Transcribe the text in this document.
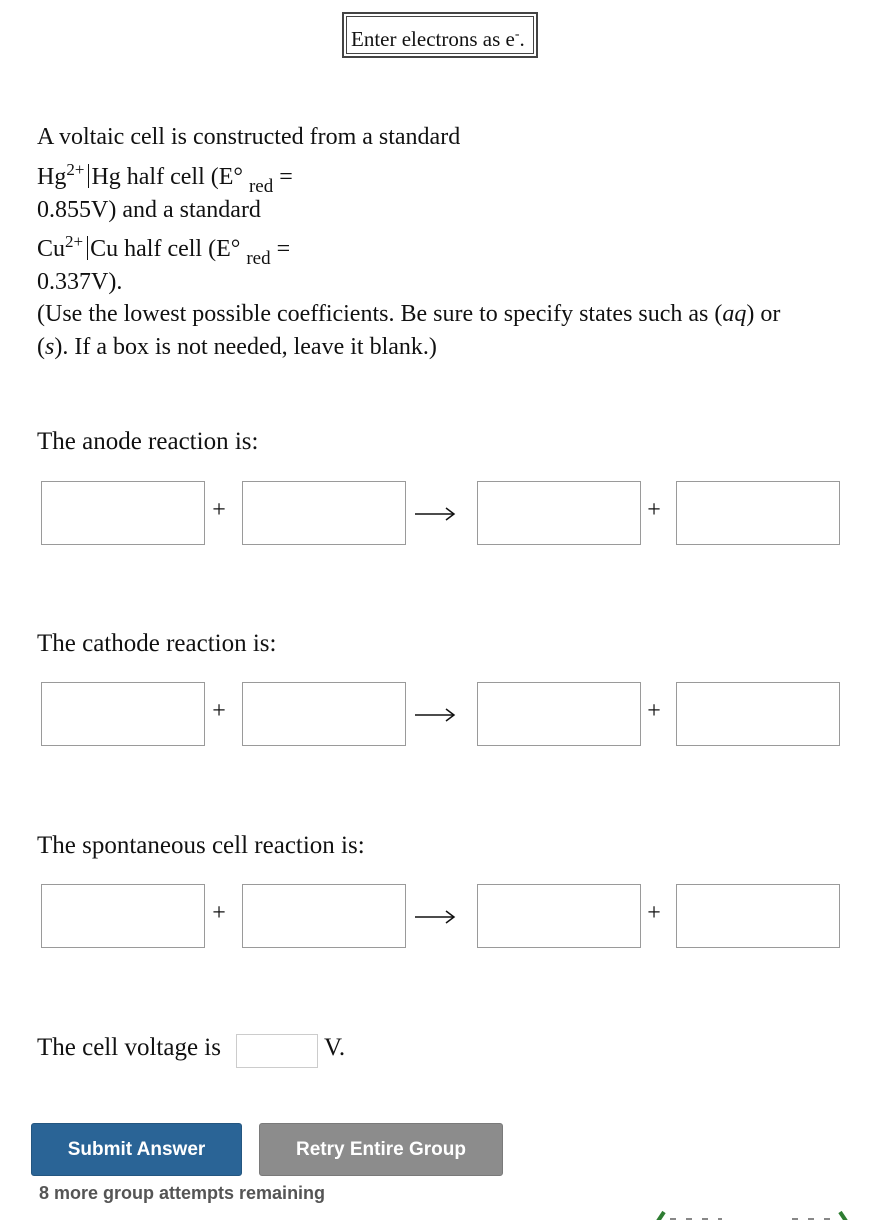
Enter electrons as e-.
A voltaic cell is constructed from a standard
$Hg^{2+}$ Hg half cell (E° $_{red}$ =
0.855V) and a standard
$Cu^{2+}$ Cu half cell (E° $_{red}$ =
0.337V).
(Use the lowest possible coefficients. Be sure to specify states such as (aq) or
(s). If a box is not needed, leave it blank.)
The anode reaction is:
+	+
The cathode reaction is:
+	+
The spontaneous cell reaction is:
+	+
The cell voltage is	V.
Submit Answer	Retry Entire Group
8 more group attempts remaining
